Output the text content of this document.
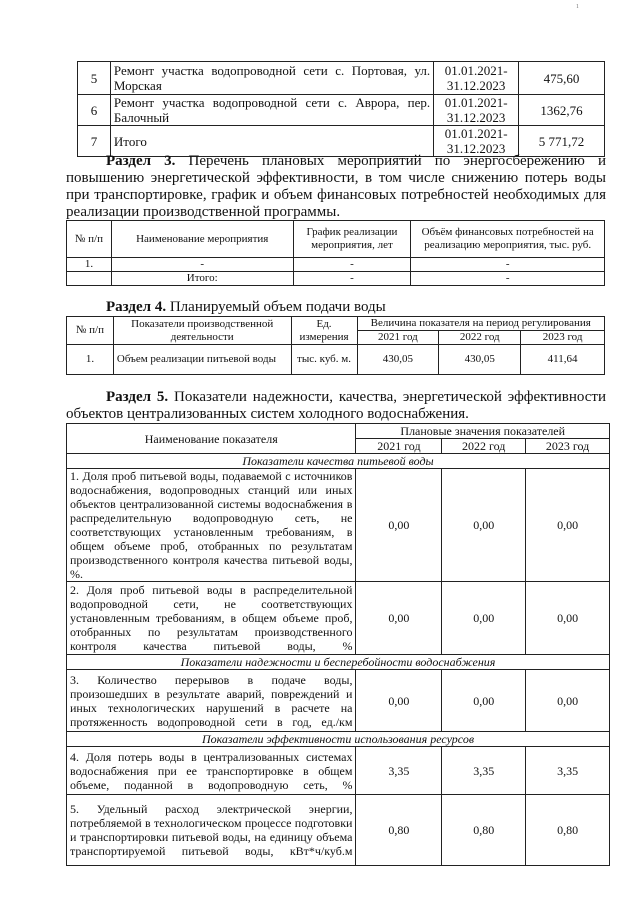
1
5	Ремонт участка водопроводной сети с. Портовая, ул. Морская	01.01.2021-31.12.2023	475,60
6	Ремонт участка водопроводной сети с. Аврора, пер. Балочный	01.01.2021-31.12.2023	1362,76
7	Итого	01.01.2021-31.12.2023	5 771,72
Раздел 3. Перечень плановых мероприятий по энергосбережению и повышению энергетической эффективности, в том числе снижению потерь воды при транспортировке, график и объем финансовых потребностей необходимых для реализации производственной программы.
№ п/п	Наименование мероприятия	График реализации мероприятия, лет	Объём финансовых потребностей на реализацию мероприятия, тыс. руб.
1.	-	-	-
	Итого:	-	-
Раздел 4. Планируемый объем подачи воды
№ п/п	Показатели производственной деятельности	Ед. измерения	Величина показателя на период регулирования		
			2021 год	2022 год	2023 год
1.	Объем реализации питьевой воды	тыс. куб. м.	430,05	430,05	411,64
Раздел 5. Показатели надежности, качества, энергетической эффективности объектов централизованных систем холодного водоснабжения.
Наименование показателя	Плановые значения показателей		
	2021 год	2022 год	2023 год
Показатели качества питьевой воды			
1. Доля проб питьевой воды, подаваемой с источников водоснабжения, водопроводных станций или иных объектов централизованной системы водоснабжения в распределительную водопроводную сеть, не соответствующих установленным требованиям, в общем объеме проб, отобранных по результатам производственного контроля качества питьевой воды, %.	0,00	0,00	0,00
2. Доля проб питьевой воды в распределительной водопроводной сети, не соответствующих установленным требованиям, в общем объеме проб, отобранных по результатам производственного контроля качества питьевой воды, %	0,00	0,00	0,00
Показатели надежности и бесперебойности водоснабжения			
3. Количество перерывов в подаче воды, произошедших в результате аварий, повреждений и иных технологических нарушений в расчете на протяженность водопроводной сети в год, ед./км	0,00	0,00	0,00
Показатели эффективности использования ресурсов			
4. Доля потерь воды в централизованных системах водоснабжения при ее транспортировке в общем объеме, поданной в водопроводную сеть, %	3,35	3,35	3,35
5. Удельный расход электрической энергии, потребляемой в технологическом процессе подготовки и транспортировки питьевой воды, на единицу объема транспортируемой питьевой воды, кВт*ч/куб.м	0,80	0,80	0,80
